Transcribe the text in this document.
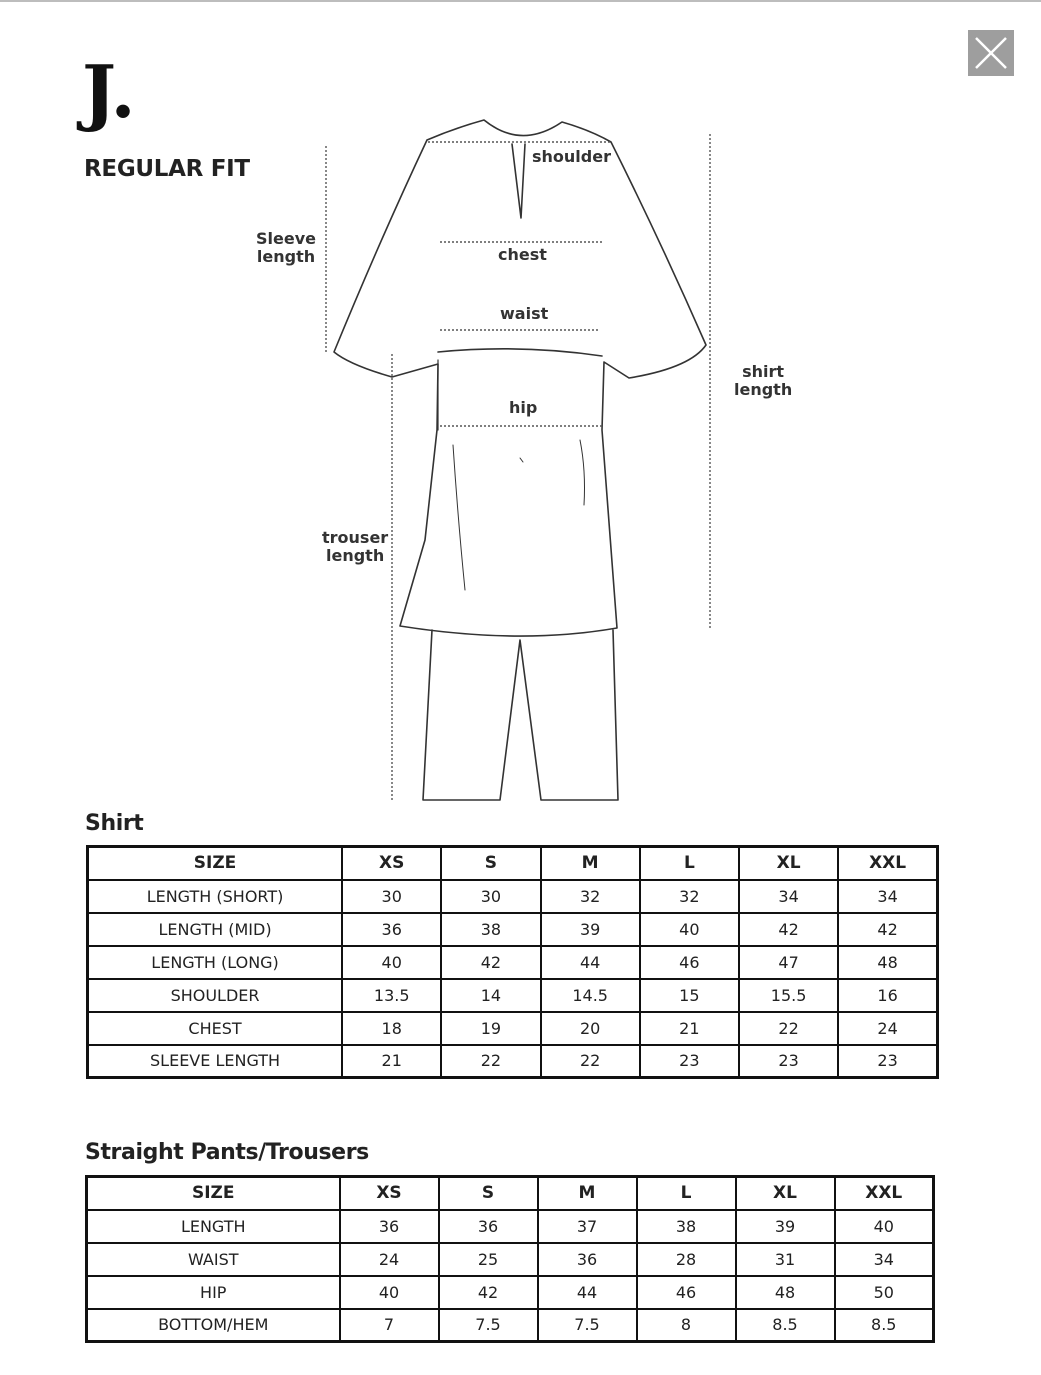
J.
REGULAR FIT	shoulder
chest
waist
hip
Sleeve
length
shirt
length
trouser
length
Shirt
SIZE	XS	S	M	L	XL	XXL
LENGTH (SHORT)	30	30	32	32	34	34
LENGTH (MID)	36	38	39	40	42	42
LENGTH (LONG)	40	42	44	46	47	48
SHOULDER	13.5	14	14.5	15	15.5	16
CHEST	18	19	20	21	22	24
SLEEVE LENGTH	21	22	22	23	23	23
Straight Pants/Trousers
SIZE	XS	S	M	L	XL	XXL
LENGTH	36	36	37	38	39	40
WAIST	24	25	36	28	31	34
HIP	40	42	44	46	48	50
BOTTOM/HEM	7	7.5	7.5	8	8.5	8.5
